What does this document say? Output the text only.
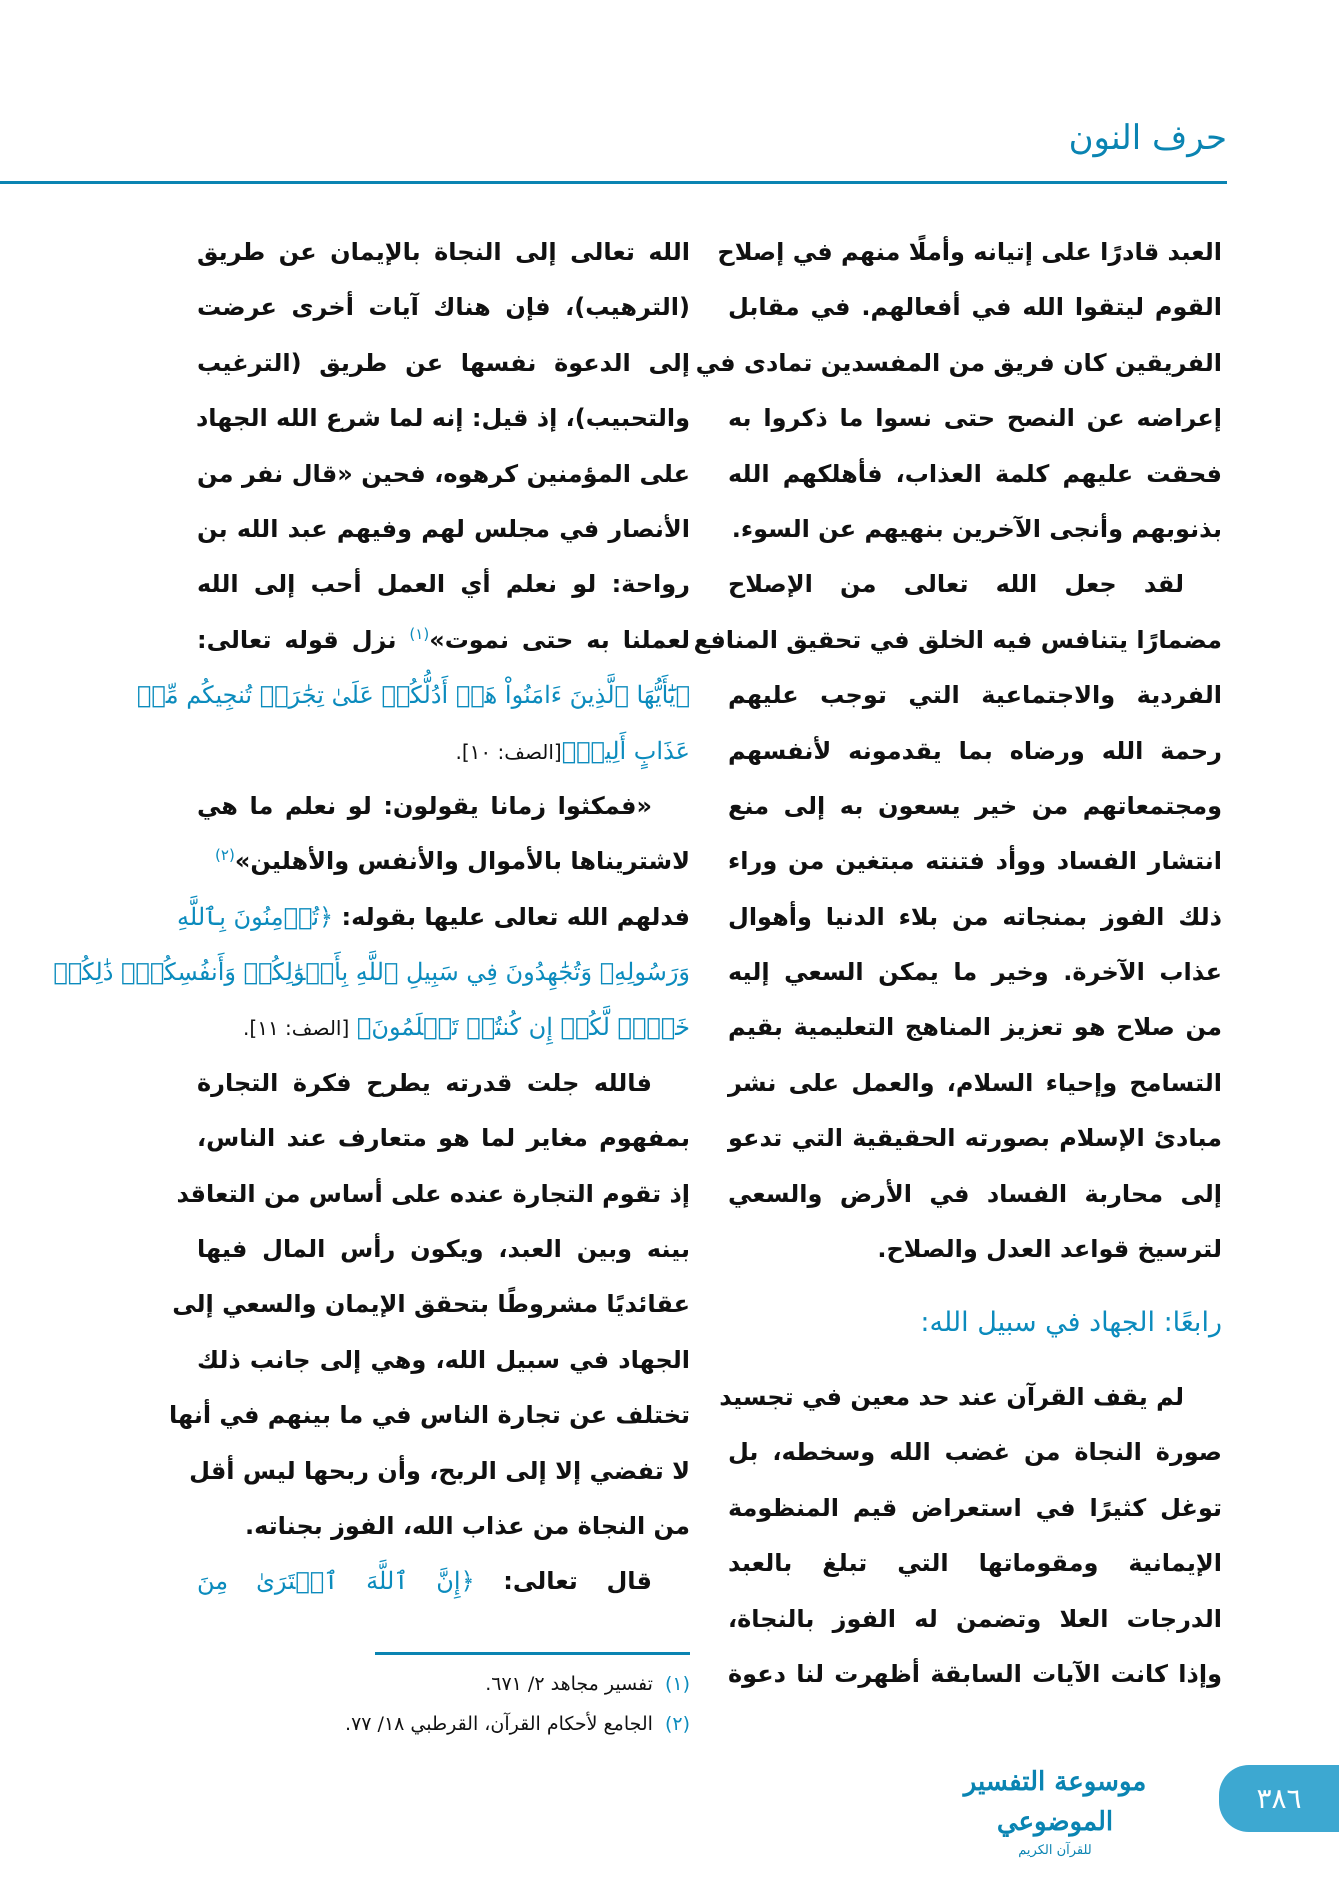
حرف النون
العبد قادرًا على إتيانه وأملًا منهم في إصلاح
القوم ليتقوا الله في أفعالهم. في مقابل
الفريقين كان فريق من المفسدين تمادى في
إعراضه عن النصح حتى نسوا ما ذكروا به
فحقت عليهم كلمة العذاب، فأهلكهم الله
بذنوبهم وأنجى الآخرين بنهيهم عن السوء.
لقد جعل الله تعالى من الإصلاح
مضمارًا يتنافس فيه الخلق في تحقيق المنافع
الفردية والاجتماعية التي توجب عليهم
رحمة الله ورضاه بما يقدمونه لأنفسهم
ومجتمعاتهم من خير يسعون به إلى منع
انتشار الفساد ووأد فتنته مبتغين من وراء
ذلك الفوز بمنجاته من بلاء الدنيا وأهوال
عذاب الآخرة. وخير ما يمكن السعي إليه
من صلاح هو تعزيز المناهج التعليمية بقيم
التسامح وإحياء السلام، والعمل على نشر
مبادئ الإسلام بصورته الحقيقية التي تدعو
إلى محاربة الفساد في الأرض والسعي
لترسيخ قواعد العدل والصلاح.
رابعًا: الجهاد في سبيل الله:
لم يقف القرآن عند حد معين في تجسيد
صورة النجاة من غضب الله وسخطه، بل
توغل كثيرًا في استعراض قيم المنظومة
الإيمانية ومقوماتها التي تبلغ بالعبد
الدرجات العلا وتضمن له الفوز بالنجاة،
وإذا كانت الآيات السابقة أظهرت لنا دعوة
الله تعالى إلى النجاة بالإيمان عن طريق
(الترهيب)، فإن هناك آيات أخرى عرضت
إلى الدعوة نفسها عن طريق (الترغيب
والتحبيب)، إذ قيل: إنه لما شرع الله الجهاد
على المؤمنين كرهوه، فحين «قال نفر من
الأنصار في مجلس لهم وفيهم عبد الله بن
رواحة: لو نعلم أي العمل أحب إلى الله
لعملنا به حتى نموت»$^{(١)}$ نزل قوله تعالى:
﴿يَٰٓأَيُّهَا ٱلَّذِينَ ءَامَنُواْ هَلۡ أَدُلُّكُمۡ عَلَىٰ تِجَٰرَةٖ تُنجِيكُم مِّنۡ
عَذَابٍ أَلِيمٖ﴾[الصف: ١٠].
«فمكثوا زمانا يقولون: لو نعلم ما هي
لاشتريناها بالأموال والأنفس والأهلين»$^{(٢)}$
فدلهم الله تعالى عليها بقوله: ﴿تُؤۡمِنُونَ بِٱللَّهِ
وَرَسُولِهِۦ وَتُجَٰهِدُونَ فِي سَبِيلِ ٱللَّهِ بِأَمۡوَٰلِكُمۡ وَأَنفُسِكُمۡۚ ذَٰلِكُمۡ
خَيۡرٞ لَّكُمۡ إِن كُنتُمۡ تَعۡلَمُونَ﴾ [الصف: ١١].
فالله جلت قدرته يطرح فكرة التجارة
بمفهوم مغاير لما هو متعارف عند الناس،
إذ تقوم التجارة عنده على أساس من التعاقد
بينه وبين العبد، ويكون رأس المال فيها
عقائديًا مشروطًا بتحقق الإيمان والسعي إلى
الجهاد في سبيل الله، وهي إلى جانب ذلك
تختلف عن تجارة الناس في ما بينهم في أنها
لا تفضي إلا إلى الربح، وأن ربحها ليس أقل
من النجاة من عذاب الله، الفوز بجناته.
قال تعالى: ﴿إِنَّ ٱللَّهَ ٱشۡتَرَىٰ مِنَ
(١)تفسير مجاهد ٢/ ٦٧١.
(٢)الجامع لأحكام القرآن، القرطبي ١٨/ ٧٧.
موسوعة التفسير الموضوعي
للقرآن الكريم
٣٨٦
